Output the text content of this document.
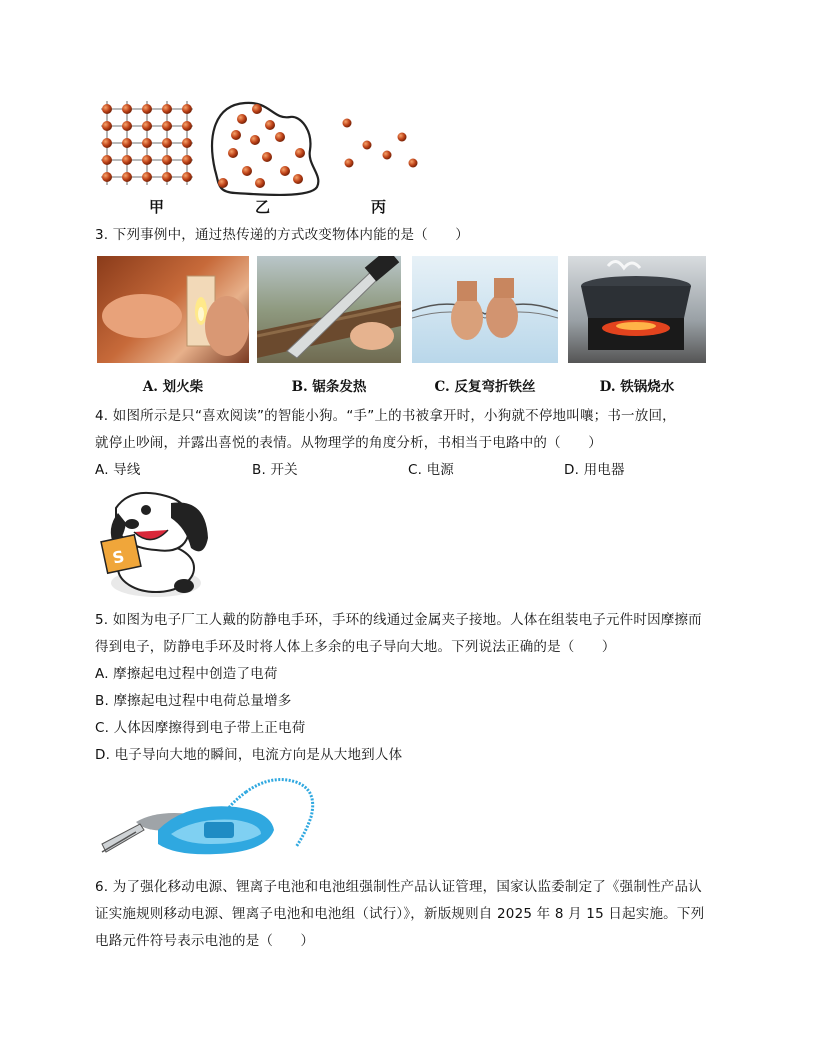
甲	乙	丙
3. 下列事例中，通过热传递的方式改变物体内能的是（　　）
A. 划火柴	B. 锯条发热	C. 反复弯折铁丝	D. 铁锅烧水
4. 如图所示是只“喜欢阅读”的智能小狗。“手”上的书被拿开时，小狗就不停地叫嚷；书一放回，
就停止吵闹，并露出喜悦的表情。从物理学的角度分析，书相当于电路中的（　　）
A. 导线	B. 开关	C. 电源	D. 用电器
S
5. 如图为电子厂工人戴的防静电手环，手环的线通过金属夹子接地。人体在组装电子元件时因摩擦而
得到电子，防静电手环及时将人体上多余的电子导向大地。下列说法正确的是（　　）
A. 摩擦起电过程中创造了电荷
B. 摩擦起电过程中电荷总量增多
C. 人体因摩擦得到电子带上正电荷
D. 电子导向大地的瞬间，电流方向是从大地到人体
6. 为了强化移动电源、锂离子电池和电池组强制性产品认证管理，国家认监委制定了《强制性产品认
证实施规则移动电源、锂离子电池和电池组（试行）》，新版规则自 2025 年 8 月 15 日起实施。下列
电路元件符号表示电池的是（　　）
